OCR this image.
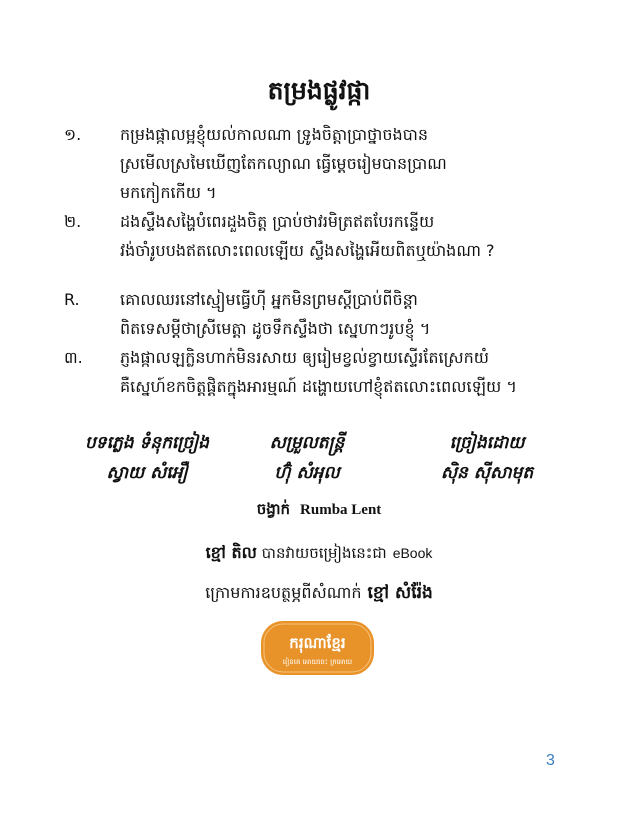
តម្រងផ្លូវផ្កា
១.	កម្រងផ្កាលម្អខ្ញុំយល់កាលណា ទ្រូងចិត្តាប្រាថ្នាចងបាន
ស្រមើលស្រមៃឃើញតែកល្យាណ ធ្វើម្ដេចរៀមបានប្រាណ
មកកៀកកើយ ។
២.	ដងស្ទឹងសង្ហៃបំពេរដួងចិត្ត ប្រាប់ថាវរមិត្រឥតបែរកន្ទើយ
វង់ចាំរូបបងឥតលោះពេលឡើយ ស្ទឹងសង្ហៃអើយពិតឬយ៉ាងណា ?
R.	គោលឈរនៅស្មៀមធ្វើហ៊ី អ្នកមិនព្រមស្ដីប្រាប់ពីចិន្តា
ពិតទេសម្ដីថាស្រីមេត្តា ដូចទឹកស្ទឹងថា ស្នេហាៗរូបខ្ញុំ ។
៣.	ភ្ញងផ្កាលឡក្លិនហាក់មិនរសាយ ឲ្យរៀមខ្វល់ខ្វាយស្ទើរតែស្រេកយំ
គឺស្នេហ៍ខកចិត្តផ្ដិតក្នុងអារម្មណ៍ ដង្ហោយហៅខ្ញុំឥតលោះពេលឡើយ ។
បទភ្លេង ទំនុកច្រៀង
ស្វាយ សំអឿ
សម្រួលតន្ត្រី
ហ៊ុំ សំអុល
ច្រៀងដោយ
ស៊ិន ស៊ីសាមុត
ចង្វាក់ Rumba Lent
ខ្មៅ តិល បានវាយចម្រៀងនេះជា eBook
ក្រោមការឧបត្ថម្ភពីសំណាក់ ខ្មៅ សំរ៉ែង
ករុណាខ្មែរ
រៀនគេ អោយចេះ ក្រអោយ
3
